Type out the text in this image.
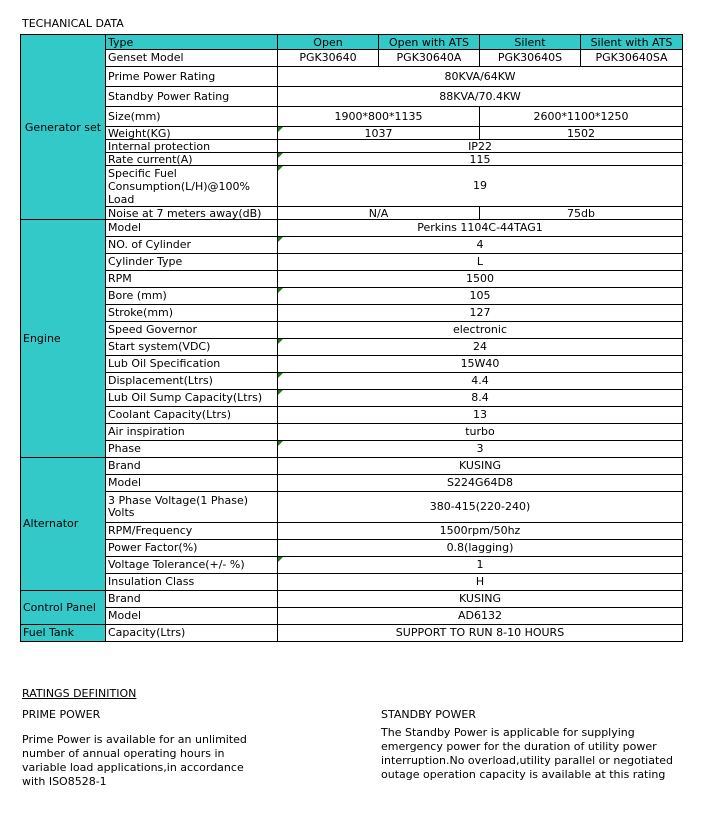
TECHANICAL DATA
Generator set	Type	Open	Open with ATS	Silent	Silent with ATS
	Genset Model	PGK30640	PGK30640A	PGK30640S	PGK30640SA
	Prime Power Rating	80KVA/64KW			
	Standby Power Rating	88KVA/70.4KW			
	Size(mm)	1900*800*1135		2600*1100*1250	
	Weight(KG)	1037		1502	
	Internal protection	IP22			
	Rate current(A)	115			
	Specific Fuel Consumption(L/H)@100% Load	19			
	Noise at 7 meters away(dB)	N/A		75db	
Engine	Model	Perkins 1104C-44TAG1
	NO. of Cylinder	4
	Cylinder Type	L
	RPM	1500
	Bore (mm)	105
	Stroke(mm)	127
	Speed Governor	electronic
	Start system(VDC)	24
	Lub Oil Specification	15W40
	Displacement(Ltrs)	4.4
	Lub Oil Sump Capacity(Ltrs)	8.4
	Coolant Capacity(Ltrs)	13
	Air inspiration	turbo
	Phase	3
Alternator	Brand	KUSING
	Model	S224G64D8
	3 Phase Voltage(1 Phase) Volts	380-415(220-240)
	RPM/Frequency	1500rpm/50hz
	Power Factor(%)	0.8(lagging)
	Voltage Tolerance(+/- %)	1
	Insulation Class	H
Control Panel	Brand	KUSING
	Model	AD6132
Fuel Tank	Capacity(Ltrs)	SUPPORT TO RUN 8-10 HOURS
RATINGS DEFINITION
PRIME POWER	STANDBY POWER
Prime Power is available for an unlimited number of annual operating hours in variable load applications,in accordance with ISO8528-1
The Standby Power is applicable for supplying emergency power for the duration of utility power interruption.No overload,utility parallel or negotiated outage operation capacity is available at this rating
